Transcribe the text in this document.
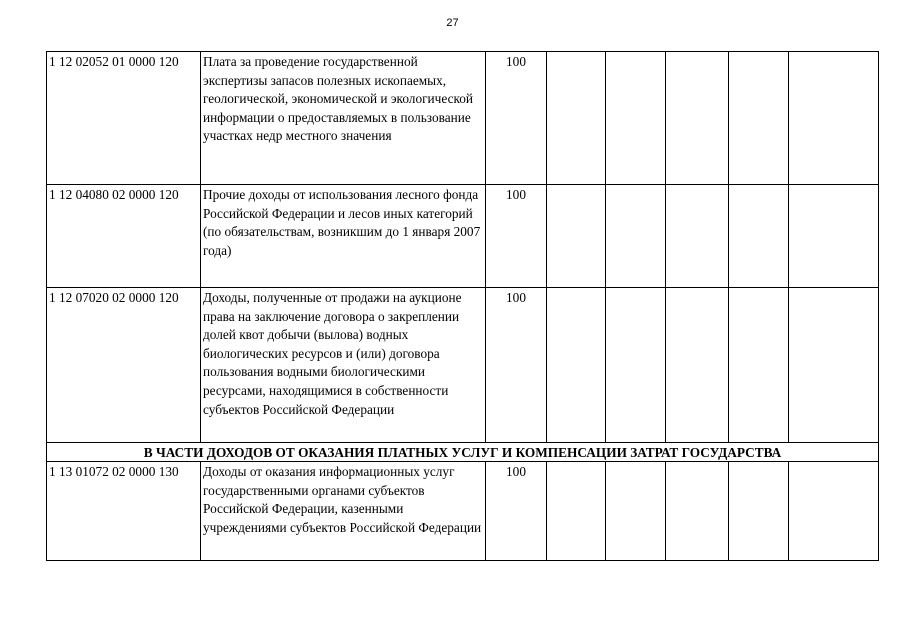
27
1 12 02052 01 0000 120	Плата за проведение государственной экспертизы запасов полезных ископаемых, геологической, экономической и экологической информации о предоставляемых в пользование участках недр местного значения	100					
1 12 04080 02 0000 120	Прочие доходы от использования лесного фонда Российской Федерации и лесов иных категорий (по обязательствам, возникшим до 1 января 2007 года)	100					
1 12 07020 02 0000 120	Доходы, полученные от продажи на аукционе права на заключение договора о закреплении долей квот добычи (вылова) водных биологических ресурсов и (или) договора пользования водными биологическими ресурсами, находящимися в собственности субъектов Российской Федерации	100					
В ЧАСТИ ДОХОДОВ ОТ ОКАЗАНИЯ ПЛАТНЫХ УСЛУГ И КОМПЕНСАЦИИ ЗАТРАТ ГОСУДАРСТВА							
1 13 01072 02 0000 130	Доходы от оказания информационных услуг государственными органами субъектов Российской Федерации, казенными учреждениями субъектов Российской Федерации	100					
